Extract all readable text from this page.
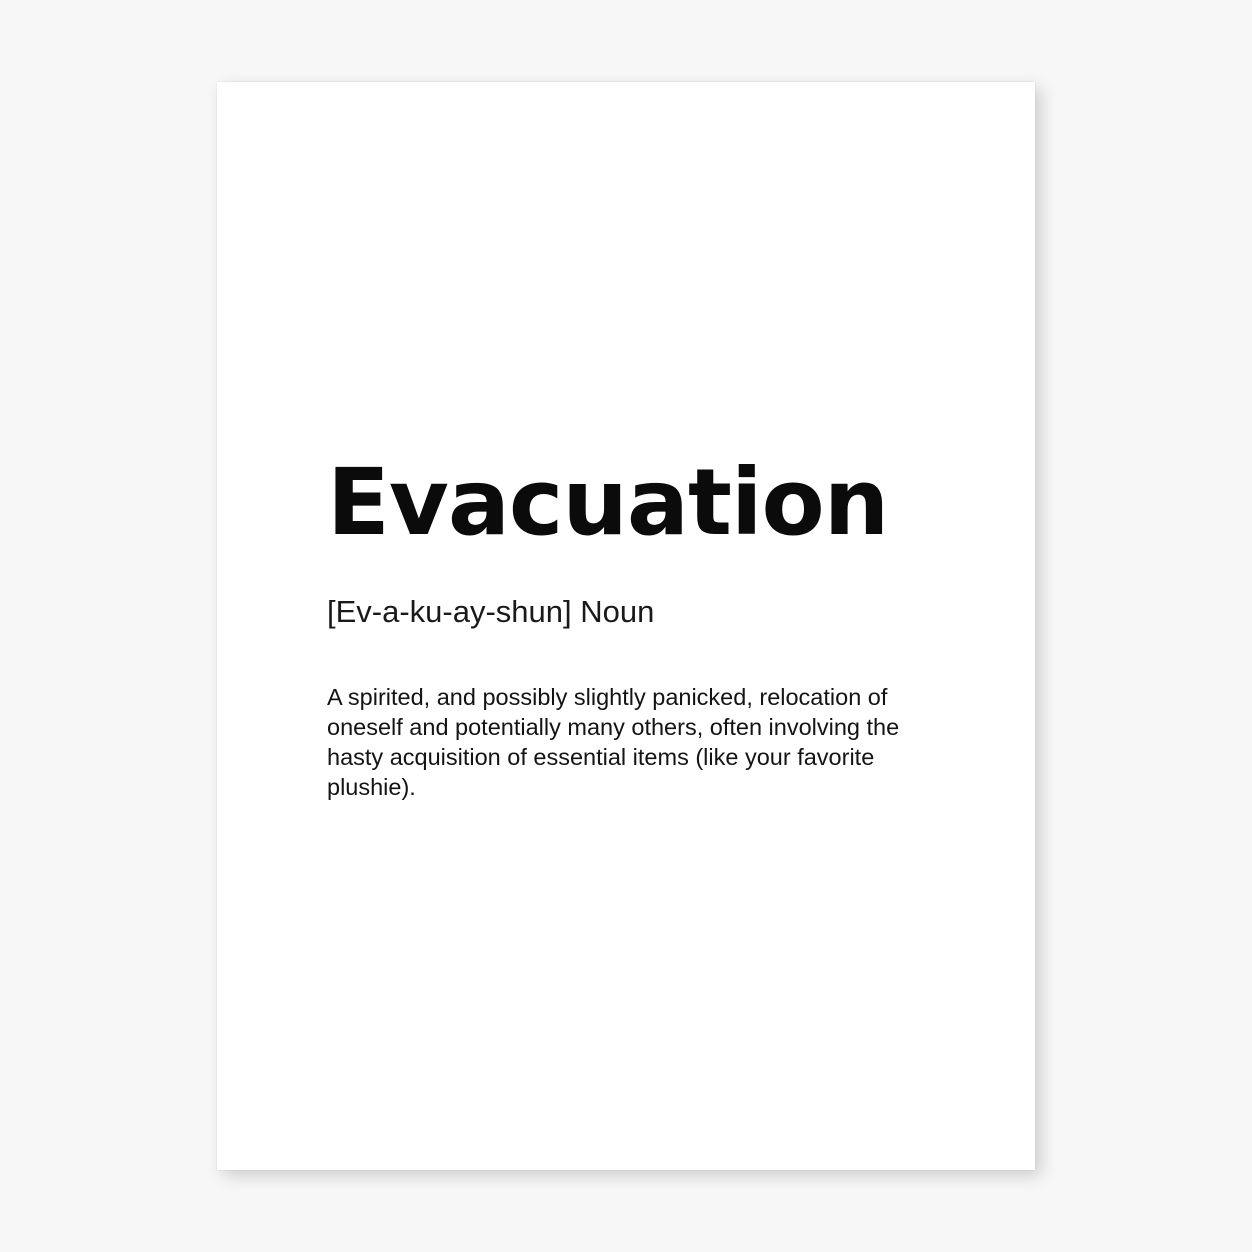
Evacuation

[Ev-a-ku-ay-shun] Noun

A spirited, and possibly slightly panicked, relocation of oneself and potentially many others, often involving the hasty acquisition of essential items (like your favorite plushie).
